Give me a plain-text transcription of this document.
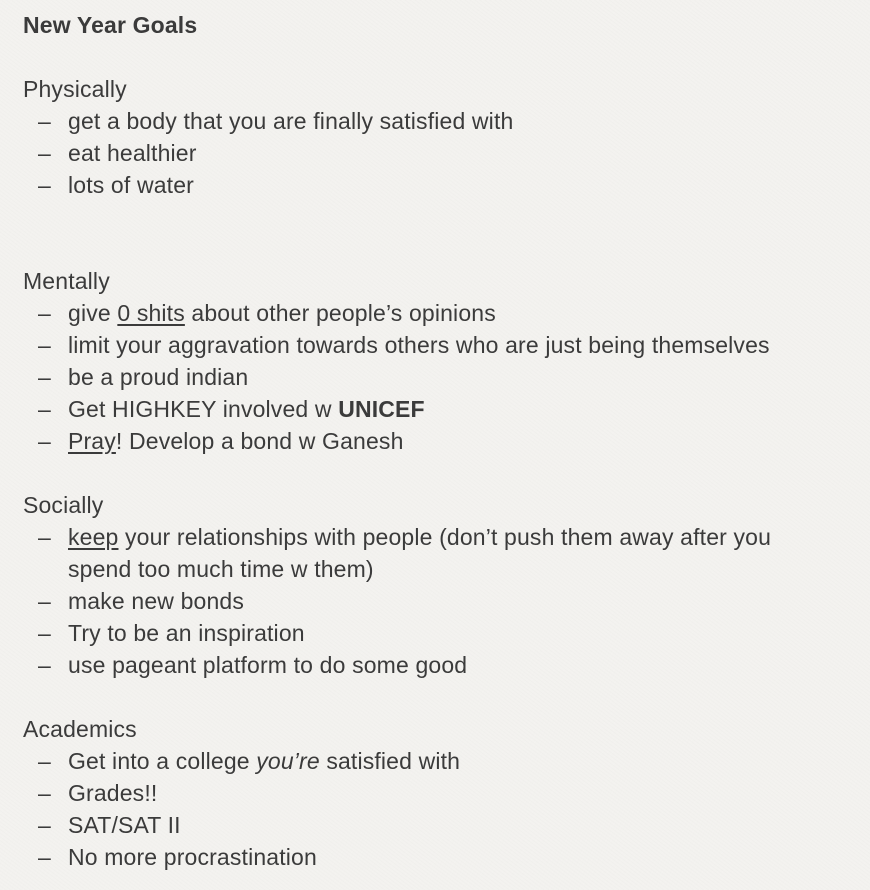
New Year Goals
Physically
– get a body that you are finally satisfied with
– eat healthier
– lots of water
Mentally
– give 0 shits about other people’s opinions
– limit your aggravation towards others who are just being themselves
– be a proud indian
– Get HIGHKEY involved w UNICEF
– Pray! Develop a bond w Ganesh
Socially
– keep your relationships with people (don’t push them away after you
spend too much time w them)
– make new bonds
– Try to be an inspiration
– use pageant platform to do some good
Academics
– Get into a college you’re satisfied with
– Grades!!
– SAT/SAT II
– No more procrastination
